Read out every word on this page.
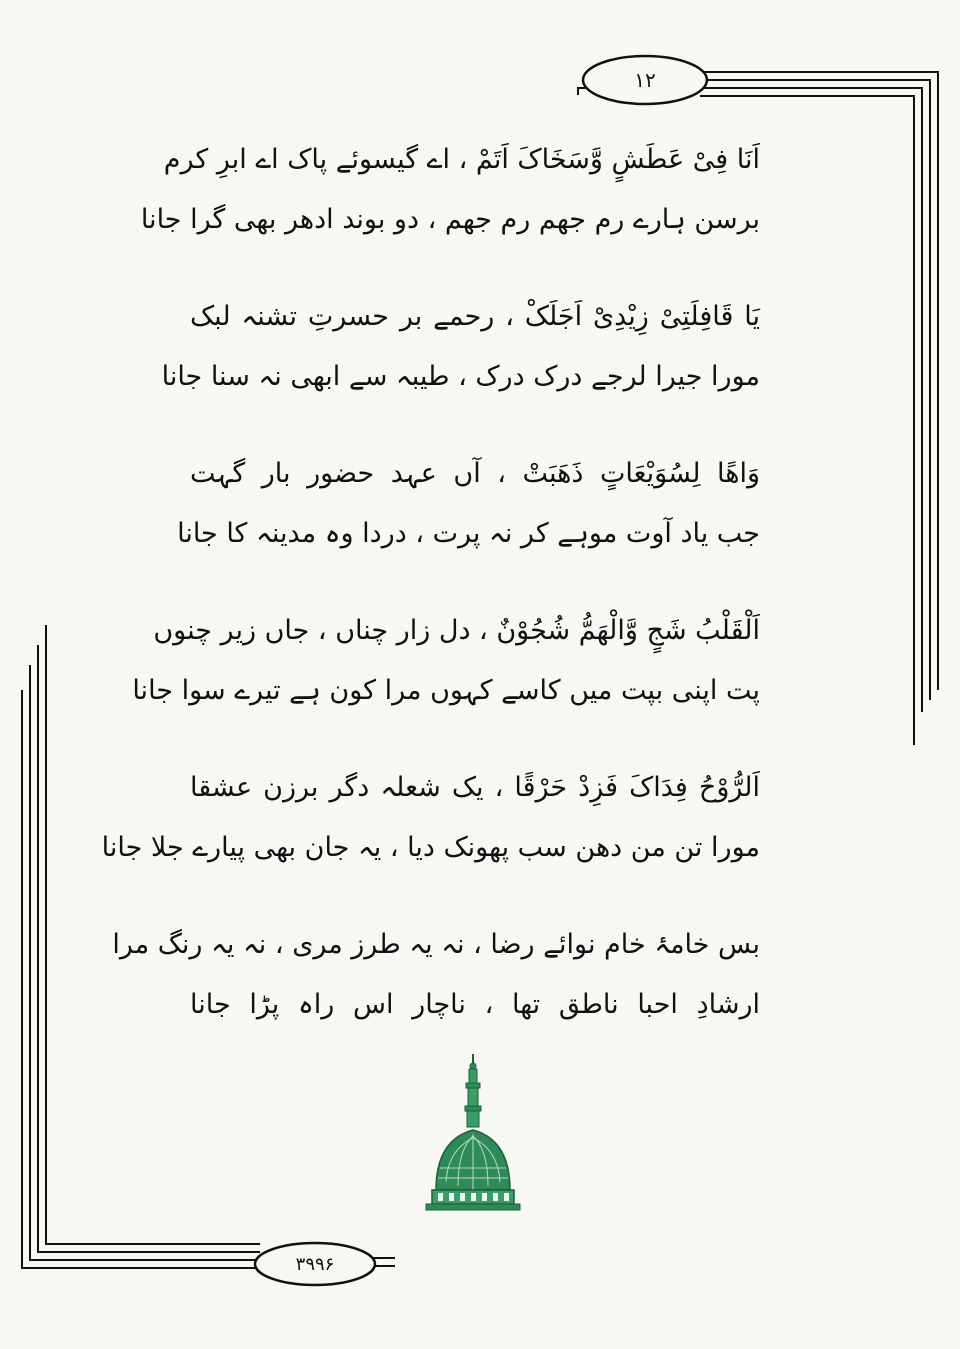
۱۲
۳۹۹۶
اَنَا فِیْ عَطَشٍ وَّسَخَاکَ اَتَمْ ، اے گیسوئے پاک اے ابرِ کرم
برسن ہارے رم جھم رم جھم ، دو بوند ادھر بھی گرا جانا
یَا قَافِلَتِیْ زِیْدِیْ اَجَلَکْ ، رحمے بر حسرتِ تشنہ لبک
مورا جیرا لرجے درک درک ، طیبہ سے ابھی نہ سنا جانا
وَاھًا لِسُوَیْعَاتٍ ذَھَبَتْ ، آں عہد حضور بار گہت
جب یاد آوت موہے کر نہ پرت ، دردا وہ مدینہ کا جانا
اَلْقَلْبُ شَجٍ وَّالْھَمُّ شُجُوْنٌ ، دل زار چناں ، جاں زیر چنوں
پت اپنی بپت میں کاسے کہوں مرا کون ہے تیرے سوا جانا
اَلرُّوْحُ فِدَاکَ فَزِدْ حَرْقًا ، یک شعلہ دگر برزن عشقا
مورا تن من دھن سب پھونک دیا ، یہ جان بھی پیارے جلا جانا
بس خامۂ خام نوائے رضا ، نہ یہ طرز مری ، نہ یہ رنگ مرا
ارشادِ احبا ناطق تھا ، ناچار اس راہ پڑا جانا
